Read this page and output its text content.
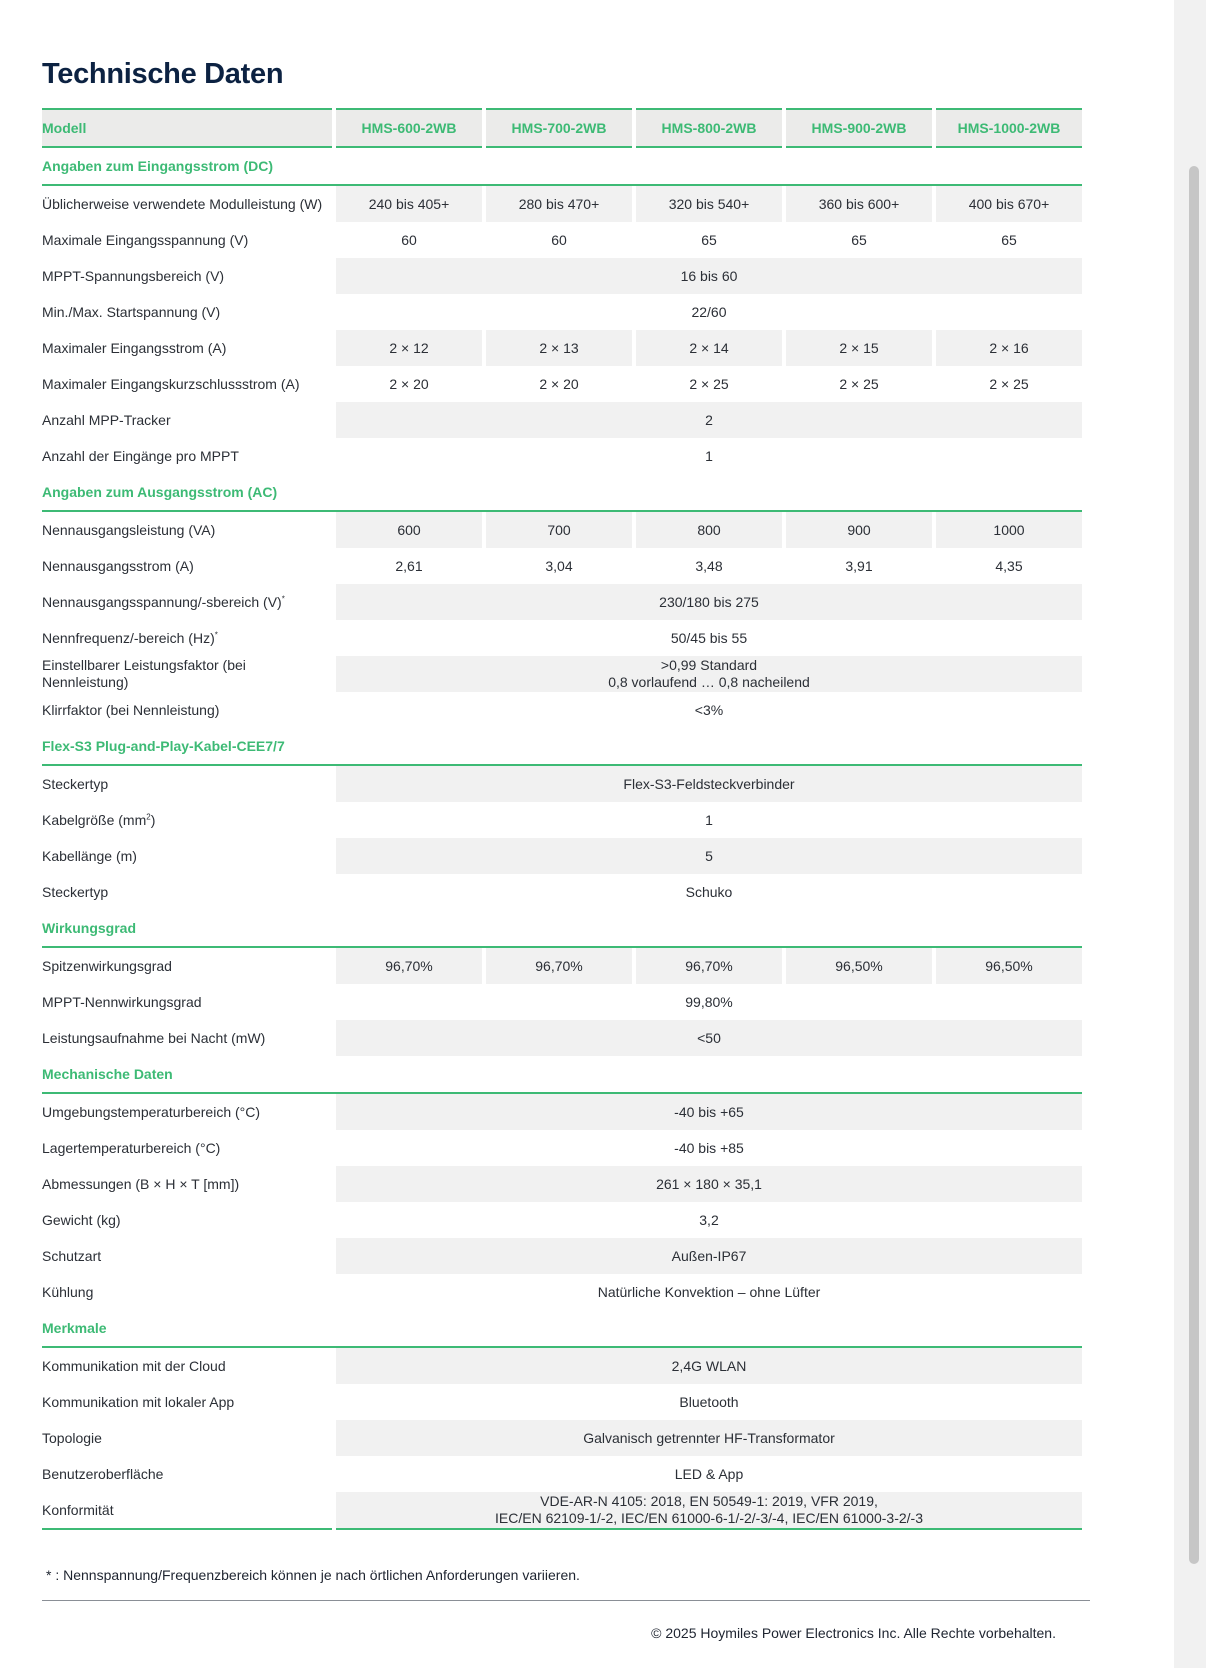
Technische Daten
Modell	HMS-600-2WB	HMS-700-2WB	HMS-800-2WB	HMS-900-2WB	HMS-1000-2WB
Angaben zum Eingangsstrom (DC)					
Üblicherweise verwendete Modulleistung (W)	240 bis 405+	280 bis 470+	320 bis 540+	360 bis 600+	400 bis 670+
Maximale Eingangsspannung (V)	60	60	65	65	65
MPPT-Spannungsbereich (V)	16 bis 60				

Min./Max. Startspannung (V)	22/60				

Maximaler Eingangsstrom (A)	2 × 12	2 × 13	2 × 14	2 × 15	2 × 16
Maximaler Eingangskurzschlussstrom (A)	2 × 20	2 × 20	2 × 25	2 × 25	2 × 25
Anzahl MPP-Tracker	2				

Anzahl der Eingänge pro MPPT	1				

Angaben zum Ausgangsstrom (AC)					
Nennausgangsleistung (VA)	600	700	800	900	1000
Nennausgangsstrom (A)	2,61	3,04	3,48	3,91	4,35
Nennausgangsspannung/-sbereich (V)*	230/180 bis 275				

Nennfrequenz/-bereich (Hz)*	50/45 bis 55				

Einstellbarer Leistungsfaktor (bei Nennleistung)	>0,99 Standard
0,8 vorlaufend … 0,8 nacheilend				

Klirrfaktor (bei Nennleistung)	<3%				

Flex-S3 Plug-and-Play-Kabel-CEE7/7					
Steckertyp	Flex-S3-Feldsteckverbinder				

Kabelgröße $(mm^2)$	1				

Kabellänge (m)	5				

Steckertyp	Schuko				

Wirkungsgrad					
Spitzenwirkungsgrad	96,70%	96,70%	96,70%	96,50%	96,50%
MPPT-Nennwirkungsgrad	99,80%				

Leistungsaufnahme bei Nacht (mW)	<50				

Mechanische Daten					
Umgebungstemperaturbereich (°C)	-40 bis +65				

Lagertemperaturbereich (°C)	-40 bis +85				

Abmessungen (B × H × T [mm])	261 × 180 × 35,1				

Gewicht (kg)	3,2				

Schutzart	Außen-IP67				

Kühlung	Natürliche Konvektion – ohne Lüfter				

Merkmale					
Kommunikation mit der Cloud	2,4G WLAN				

Kommunikation mit lokaler App	Bluetooth				

Topologie	Galvanisch getrennter HF-Transformator				

Benutzeroberfläche	LED & App				

Konformität	VDE-AR-N 4105: 2018, EN 50549-1: 2019, VFR 2019,
IEC/EN 62109-1/-2, IEC/EN 61000-6-1/-2/-3/-4, IEC/EN 61000-3-2/-3				

* : Nennspannung/Frequenzbereich können je nach örtlichen Anforderungen variieren.

© 2025 Hoymiles Power Electronics Inc. Alle Rechte vorbehalten.
